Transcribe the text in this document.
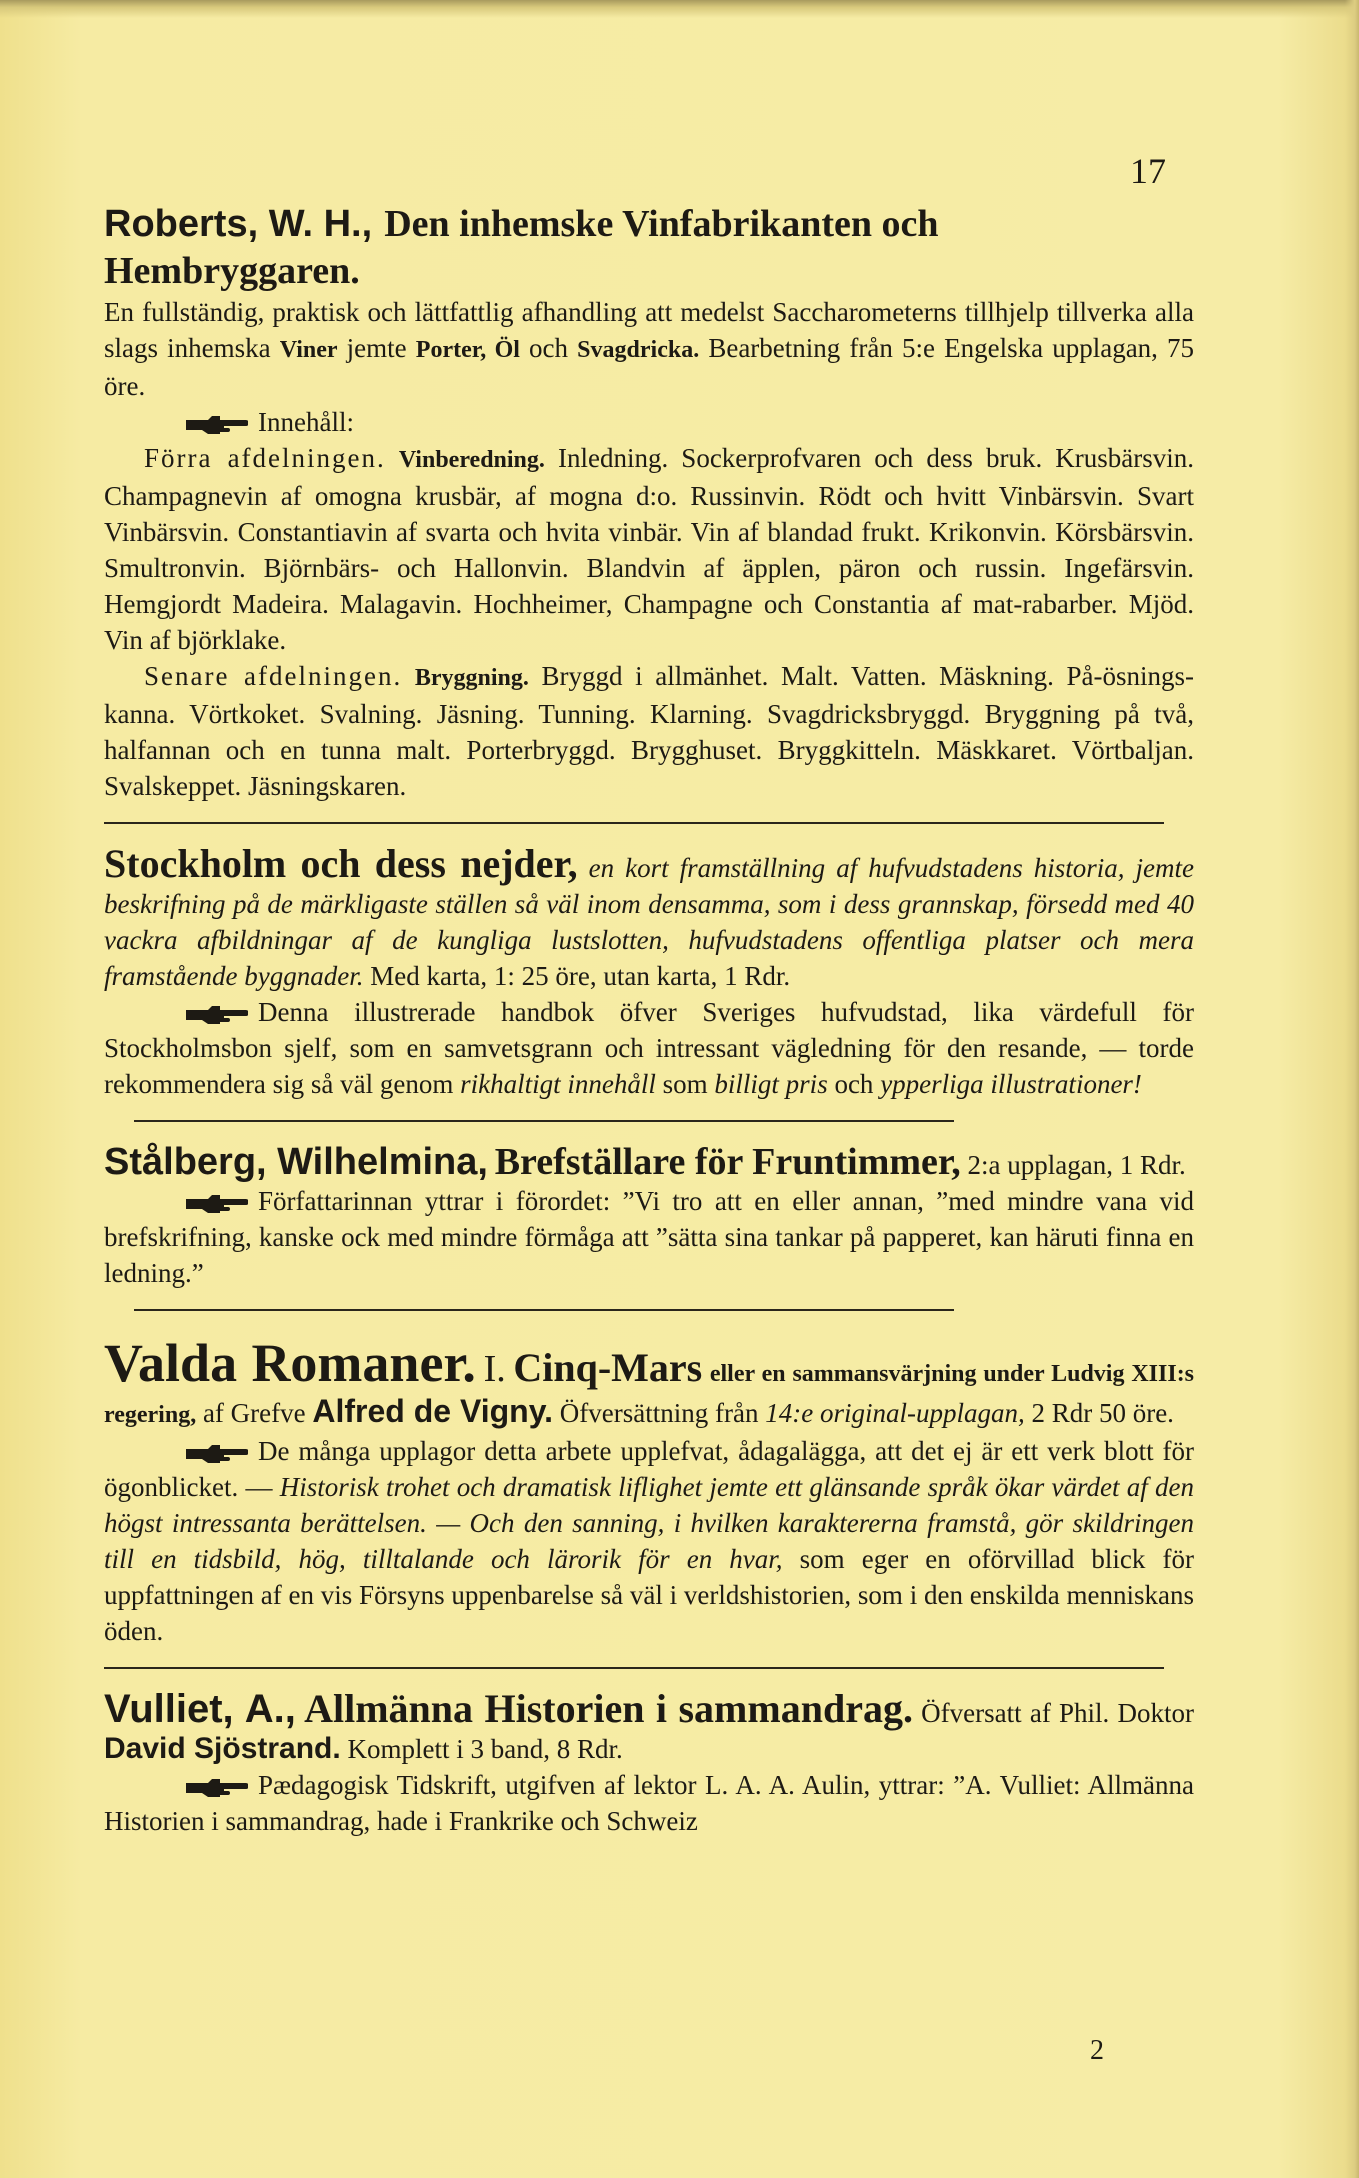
17

Roberts, W. H., Den inhemske Vinfabrikanten och Hembryggaren.

En fullständig, praktisk och lättfattlig afhandling att medelst Saccharometerns tillhjelp tillverka alla slags inhemska Viner jemte Porter, Öl och Svagdricka. Bearbetning från 5:e Engelska upplagan, 75 öre.

Innehåll:

Förra afdelningen. Vinberedning. Inledning. Sockerprofvaren och dess bruk. Krusbärsvin. Champagnevin af omogna krusbär, af mogna d:o. Russinvin. Rödt och hvitt Vinbärsvin. Svart Vinbärsvin. Constantiavin af svarta och hvita vinbär. Vin af blandad frukt. Krikonvin. Körsbärsvin. Smultronvin. Björnbärs- och Hallonvin. Blandvin af äpplen, päron och russin. Ingefärsvin. Hemgjordt Madeira. Malagavin. Hochheimer, Champagne och Constantia af mat-rabarber. Mjöd. Vin af björklake.

Senare afdelningen. Bryggning. Bryggd i allmänhet. Malt. Vatten. Mäskning. På-ösnings-kanna. Vörtkoket. Svalning. Jäsning. Tunning. Klarning. Svagdricksbryggd. Bryggning på två, halfannan och en tunna malt. Porterbryggd. Brygghuset. Bryggkitteln. Mäskkaret. Vörtbaljan. Svalskeppet. Jäsningskaren.

Stockholm och dess nejder, en kort framställning af hufvudstadens historia, jemte beskrifning på de märkligaste ställen så väl inom densamma, som i dess grannskap, försedd med 40 vackra afbildningar af de kungliga lustslotten, hufvudstadens offentliga platser och mera framstående byggnader. Med karta, 1: 25 öre, utan karta, 1 Rdr.

Denna illustrerade handbok öfver Sveriges hufvudstad, lika värdefull för Stockholmsbon sjelf, som en samvetsgrann och intressant vägledning för den resande, — torde rekommendera sig så väl genom rikhaltigt innehåll som billigt pris och ypperliga illustrationer!

Stålberg, Wilhelmina, Brefställare för Fruntimmer, 2:a upplagan, 1 Rdr.

Författarinnan yttrar i förordet: ”Vi tro att en eller annan, ”med mindre vana vid brefskrifning, kanske ock med mindre förmåga att ”sätta sina tankar på papperet, kan häruti finna en ledning.”

Valda Romaner. I. Cinq-Mars eller en sammansvärjning under Ludvig XIII:s regering, af Grefve Alfred de Vigny. Öfversättning från 14:e original-upplagan, 2 Rdr 50 öre.

De många upplagor detta arbete upplefvat, ådagalägga, att det ej är ett verk blott för ögonblicket. — Historisk trohet och dramatisk liflighet jemte ett glänsande språk ökar värdet af den högst intressanta berättelsen. — Och den sanning, i hvilken karaktererna framstå, gör skildringen till en tidsbild, hög, tilltalande och lärorik för en hvar, som eger en oförvillad blick för uppfattningen af en vis Försyns uppenbarelse så väl i verldshistorien, som i den enskilda menniskans öden.

Vulliet, A., Allmänna Historien i sammandrag. Öfversatt af Phil. Doktor David Sjöstrand. Komplett i 3 band, 8 Rdr.

Pædagogisk Tidskrift, utgifven af lektor L. A. A. Aulin, yttrar: ”A. Vulliet: Allmänna Historien i sammandrag, hade i Frankrike och Schweiz

2
